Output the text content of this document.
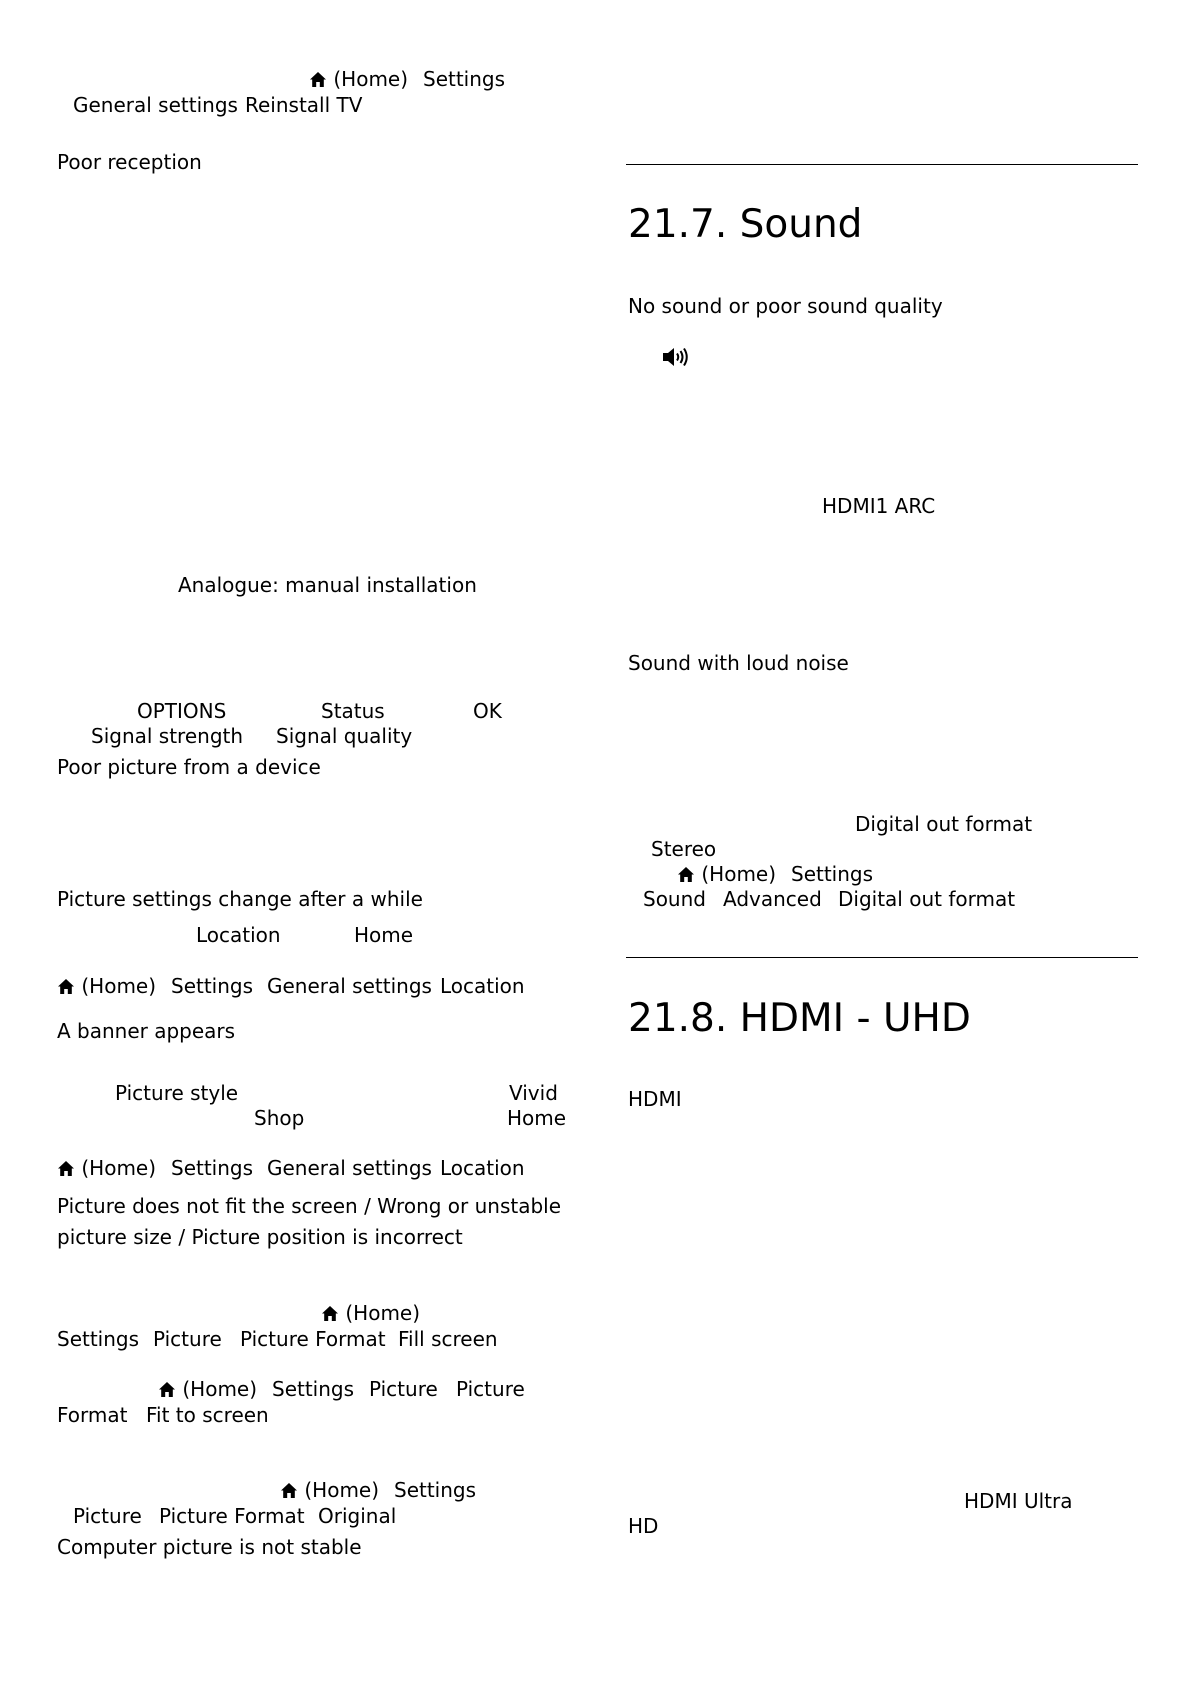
(Home) Settings
General settings Reinstall TV
Poor reception
Analogue: manual installation
OPTIONS	Status	OK
Signal strength Signal quality
Poor picture from a device
Picture settings change after a while
Location	Home
(Home) Settings General settings Location
A banner appears
Picture style	Vivid
Shop	Home
(Home) Settings General settings Location
Picture does not fit the screen / Wrong or unstable
picture size / Picture position is incorrect
(Home)
Settings Picture Picture Format Fill screen
(Home) Settings Picture Picture
Format Fit to screen
(Home) Settings
Picture Picture Format Original
Computer picture is not stable
21.7. Sound
No sound or poor sound quality
HDMI1 ARC
Sound with loud noise
Digital out format
Stereo
(Home) Settings
Sound Advanced Digital out format
21.8. HDMI - UHD
HDMI
HDMI Ultra
HD
